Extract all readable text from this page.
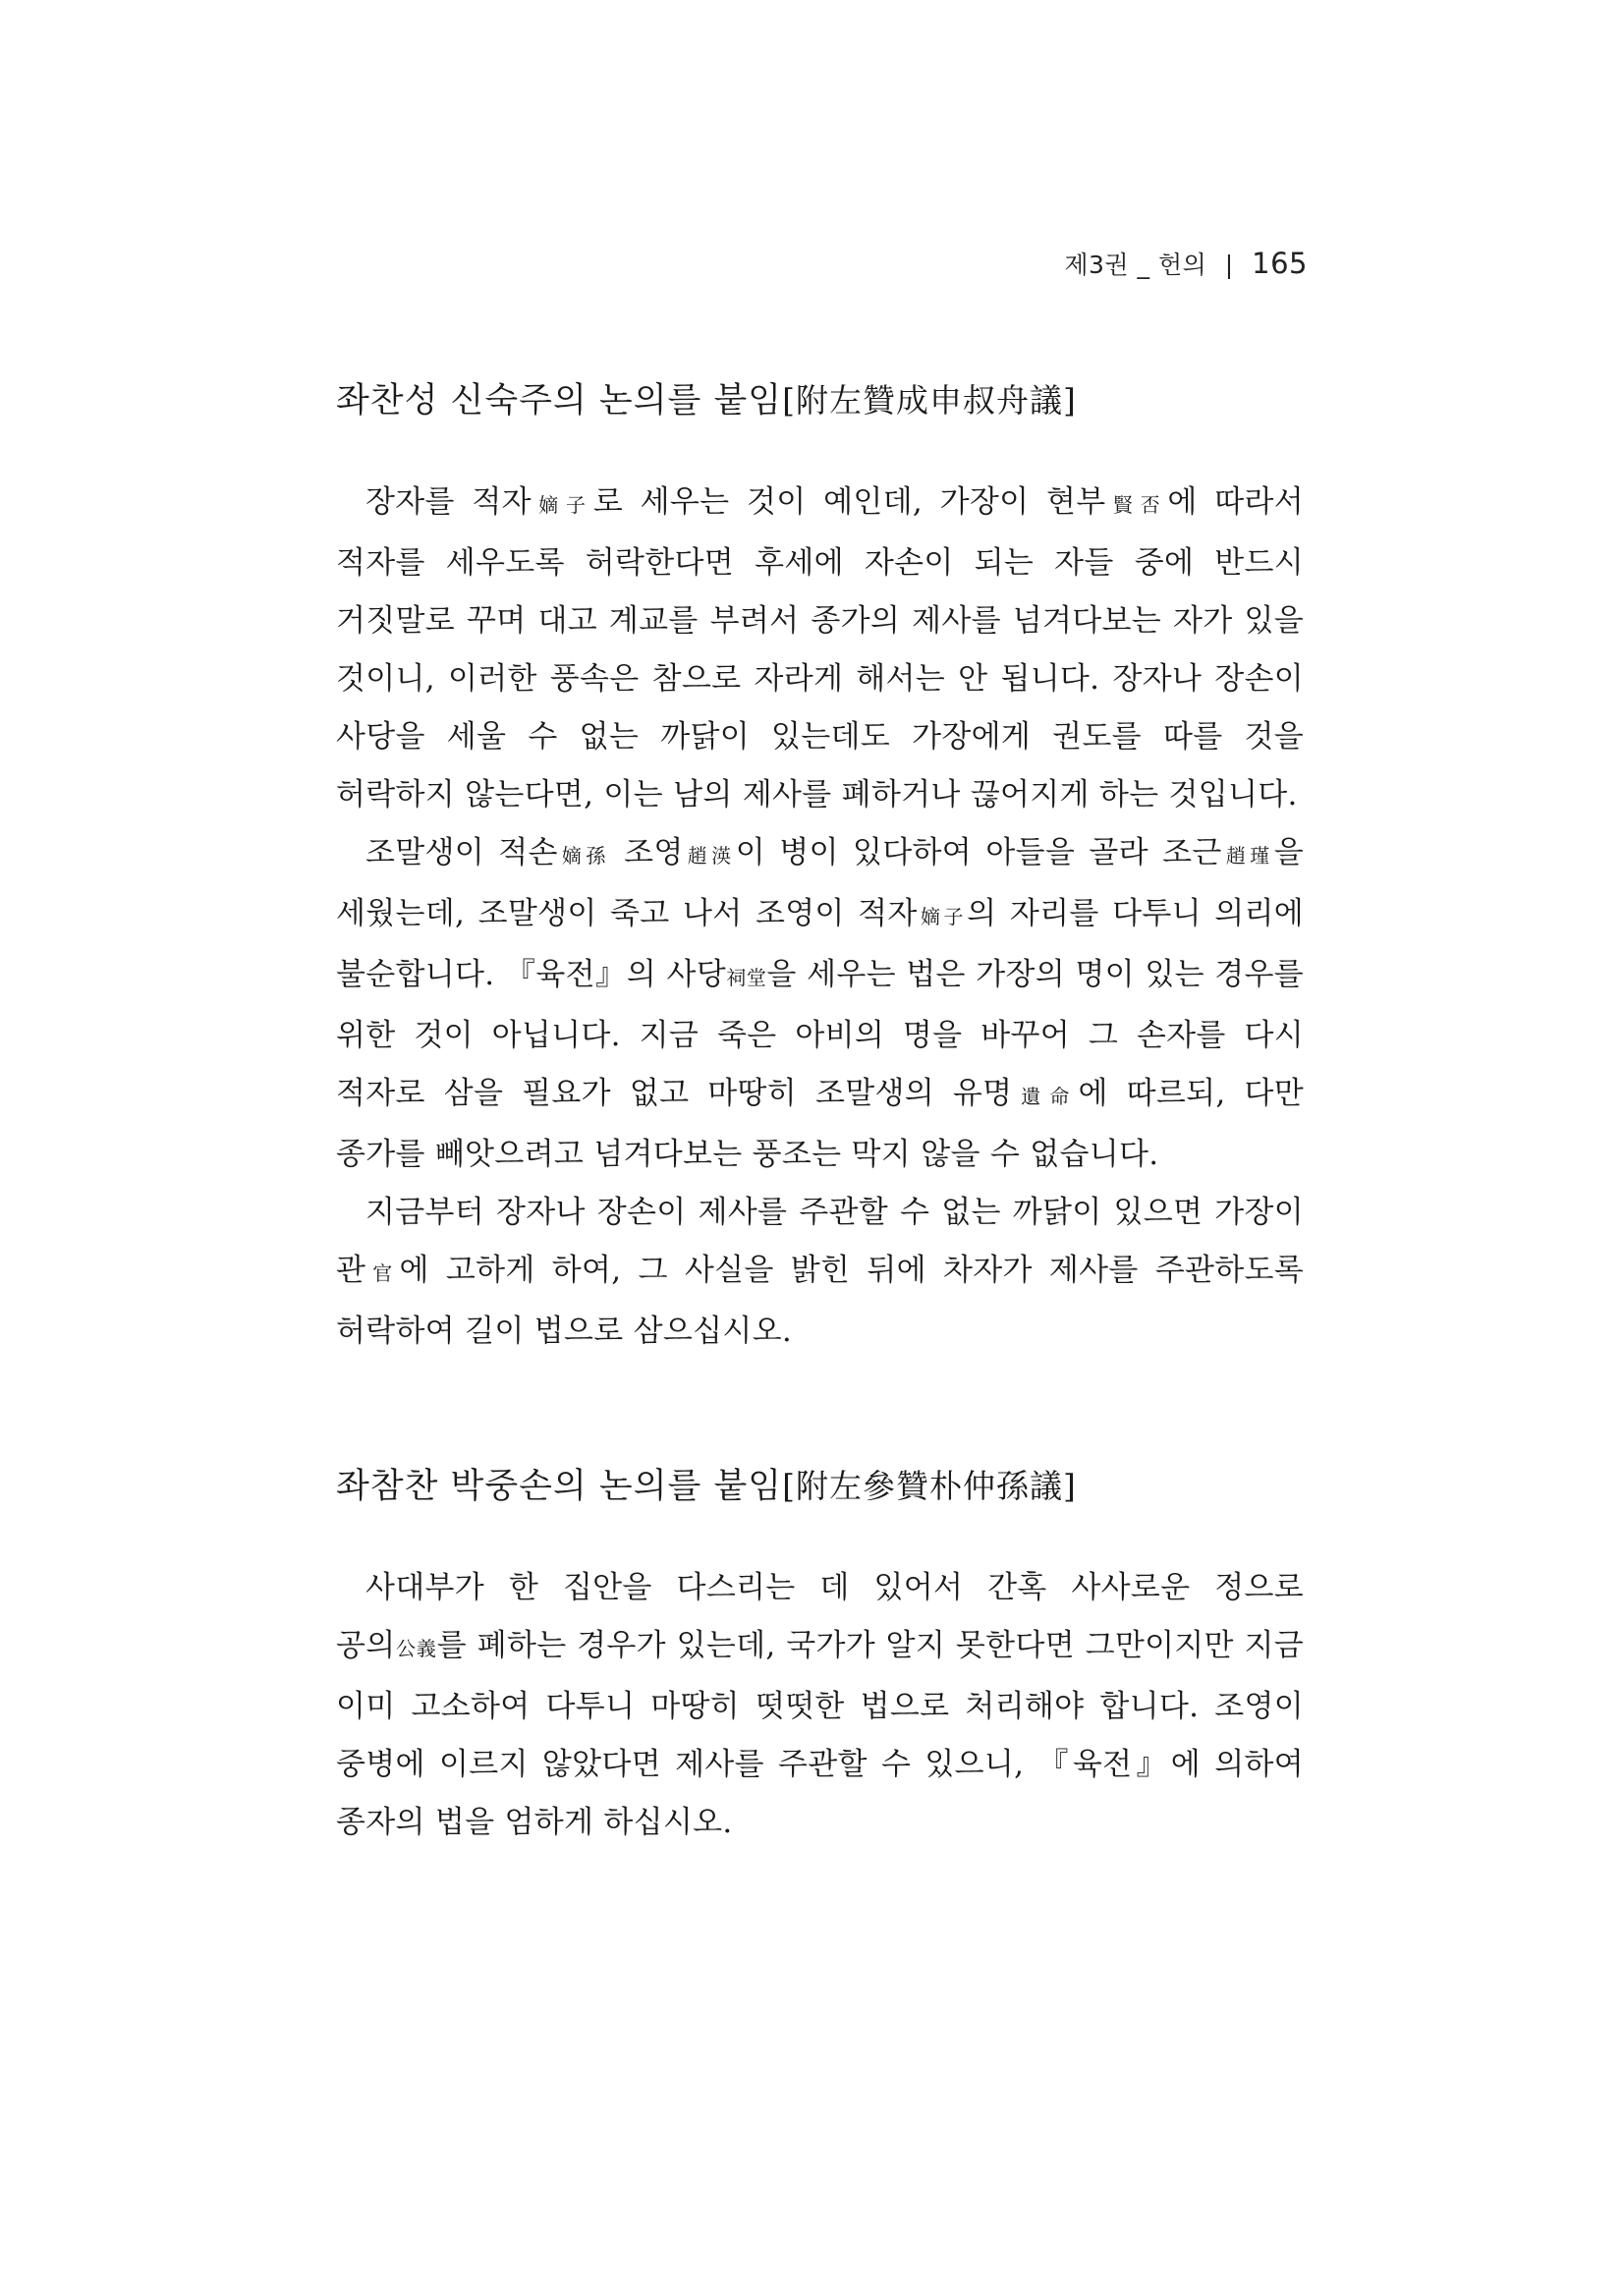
제3권 _ 헌의 | 165
좌찬성 신숙주의 논의를 붙임[附左贊成申叔舟議]

장자를 적자嫡子로 세우는 것이 예인데, 가장이 현부賢否에 따라서 적자를 세우도록 허락한다면 후세에 자손이 되는 자들 중에 반드시 거짓말로 꾸며 대고 계교를 부려서 종가의 제사를 넘겨다보는 자가 있을 것이니, 이러한 풍속은 참으로 자라게 해서는 안 됩니다. 장자나 장손이 사당을 세울 수 없는 까닭이 있는데도 가장에게 권도를 따를 것을 허락하지 않는다면, 이는 남의 제사를 폐하거나 끊어지게 하는 것입니다.

조말생이 적손嫡孫 조영趙渶이 병이 있다하여 아들을 골라 조근趙瑾을 세웠는데, 조말생이 죽고 나서 조영이 적자嫡子의 자리를 다투니 의리에 불순합니다. 『육전』의 사당祠堂을 세우는 법은 가장의 명이 있는 경우를 위한 것이 아닙니다. 지금 죽은 아비의 명을 바꾸어 그 손자를 다시 적자로 삼을 필요가 없고 마땅히 조말생의 유명遺命에 따르되, 다만 종가를 빼앗으려고 넘겨다보는 풍조는 막지 않을 수 없습니다.

지금부터 장자나 장손이 제사를 주관할 수 없는 까닭이 있으면 가장이 관官에 고하게 하여, 그 사실을 밝힌 뒤에 차자가 제사를 주관하도록 허락하여 길이 법으로 삼으십시오.

좌참찬 박중손의 논의를 붙임[附左參贊朴仲孫議]

사대부가 한 집안을 다스리는 데 있어서 간혹 사사로운 정으로 공의公義를 폐하는 경우가 있는데, 국가가 알지 못한다면 그만이지만 지금 이미 고소하여 다투니 마땅히 떳떳한 법으로 처리해야 합니다. 조영이 중병에 이르지 않았다면 제사를 주관할 수 있으니, 『육전』에 의하여 종자의 법을 엄하게 하십시오.
